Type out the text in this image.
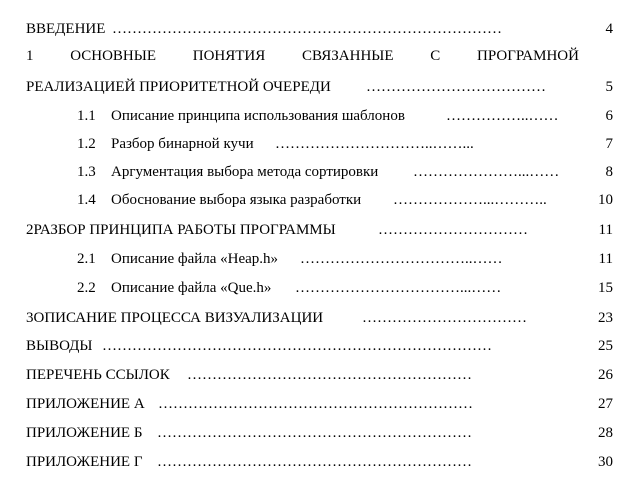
ВВЕДЕНИЕ ……………………………………………………………………	4
1 ОСНОВНЫЕ ПОНЯТИЯ СВЯЗАННЫЕ С ПРОГРАМНОЙ
РЕАЛИЗАЦИЕЙ ПРИОРИТЕТНОЙ ОЧЕРЕДИ ………………………………	5
1.1 Описание принципа использования шаблонов	……………..……	6
1.2 Разбор бинарной кучи …………………………..……...	7
1.3 Аргументация выбора метода сортировки …………………...……	8
1.4 Обоснование выбора языка разработки ………………...………..	10
2РАЗБОР ПРИНЦИПА РАБОТЫ ПРОГРАММЫ	…………………………	11
2.1 Описание файла «Heap.h» ……………………………..……	11
2.2 Описание файла «Que.h» ……………………………...……	15
3ОПИСАНИЕ ПРОЦЕССА ВИЗУАЛИЗАЦИИ	……………………………	23
ВЫВОДЫ ……………………………………………………………………	25
ПЕРЕЧЕНЬ ССЫЛОК …………………………………………………	26
ПРИЛОЖЕНИЕ А ………………………………………………………	27
ПРИЛОЖЕНИЕ Б ………………………………………………………	28
ПРИЛОЖЕНИЕ Г ………………………………………………………	30
